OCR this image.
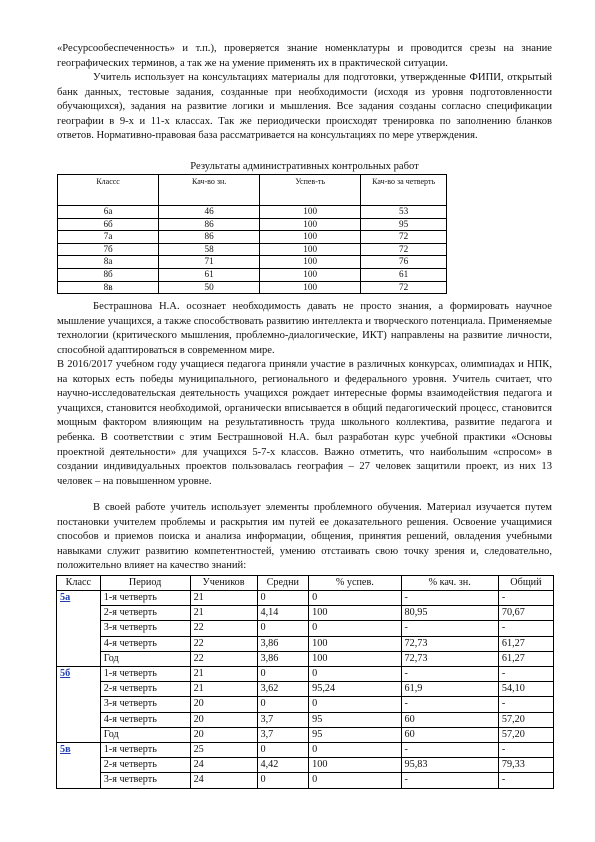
«Ресурсообеспеченность» и т.п.), проверяется знание номенклатуры и проводится срезы на знание географических терминов, а так же на умение применять их в практической ситуации.

Учитель использует на консультациях материалы для подготовки, утвержденные ФИПИ, открытый банк данных, тестовые задания, созданные при необходимости (исходя из уровня подготовленности обучающихся), задания на развитие логики и мышления. Все задания созданы согласно спецификации географии в 9-х и 11-х классах. Так же периодически происходят тренировка по заполнению бланков ответов. Нормативно-правовая база рассматривается на консультациях по мере утверждения.

Результаты административных контрольных работ

Классс	Кач-во зн.	Успев-ть	Кач-во за четверть
6а	46	100	53
6б	86	100	95
7а	86	100	72
7б	58	100	72
8а	71	100	76
8б	61	100	61
8в	50	100	72

Бестрашнова Н.А. осознает необходимость давать не просто знания, а формировать научное мышление учащихся, а также способствовать развитию интеллекта и творческого потенциала. Применяемые технологии (критического мышления, проблемно-диалогические, ИКТ) направлены на развитие личности, способной адаптироваться в современном мире.

В 2016/2017 учебном году учащиеся педагога приняли участие в различных конкурсах, олимпиадах и НПК, на которых есть победы муниципального, регионального и федерального уровня. Учитель считает, что научно-исследовательская деятельность учащихся рождает интересные формы взаимодействия педагога и учащихся, становится необходимой, органически вписывается в общий педагогический процесс, становится мощным фактором влияющим на результативность труда школьного коллектива, развитие педагога и ребенка. В соответствии с этим Бестрашновой Н.А. был разработан курс учебной практики «Основы проектной деятельности» для учащихся 5-7-х классов. Важно отметить, что наибольшим «спросом» в создании индивидуальных проектов пользовалась география – 27 человек защитили проект, из них 13 человек – на повышенном уровне.

В своей работе учитель использует элементы проблемного обучения. Материал изучается путем постановки учителем проблемы и раскрытия им путей ее доказательного решения. Освоение учащимися способов и приемов поиска и анализа информации, общения, принятия решений, овладения учебными навыками служит развитию компетентностей, умению отстаивать свою точку зрения и, следовательно, положительно влияет на качество знаний:

Класс	Период	Учеников	Средни	% успев.	% кач. зн.	Общий
5а	1-я четверть	21	0	0	-	-
	2-я четверть	21	4,14	100	80,95	70,67
	3-я четверть	22	0	0	-	-
	4-я четверть	22	3,86	100	72,73	61,27
	Год	22	3,86	100	72,73	61,27
5б	1-я четверть	21	0	0	-	-
	2-я четверть	21	3,62	95,24	61,9	54,10
	3-я четверть	20	0	0	-	-
	4-я четверть	20	3,7	95	60	57,20
	Год	20	3,7	95	60	57,20
5в	1-я четверть	25	0	0	-	-
	2-я четверть	24	4,42	100	95,83	79,33
	3-я четверть	24	0	0	-	-
